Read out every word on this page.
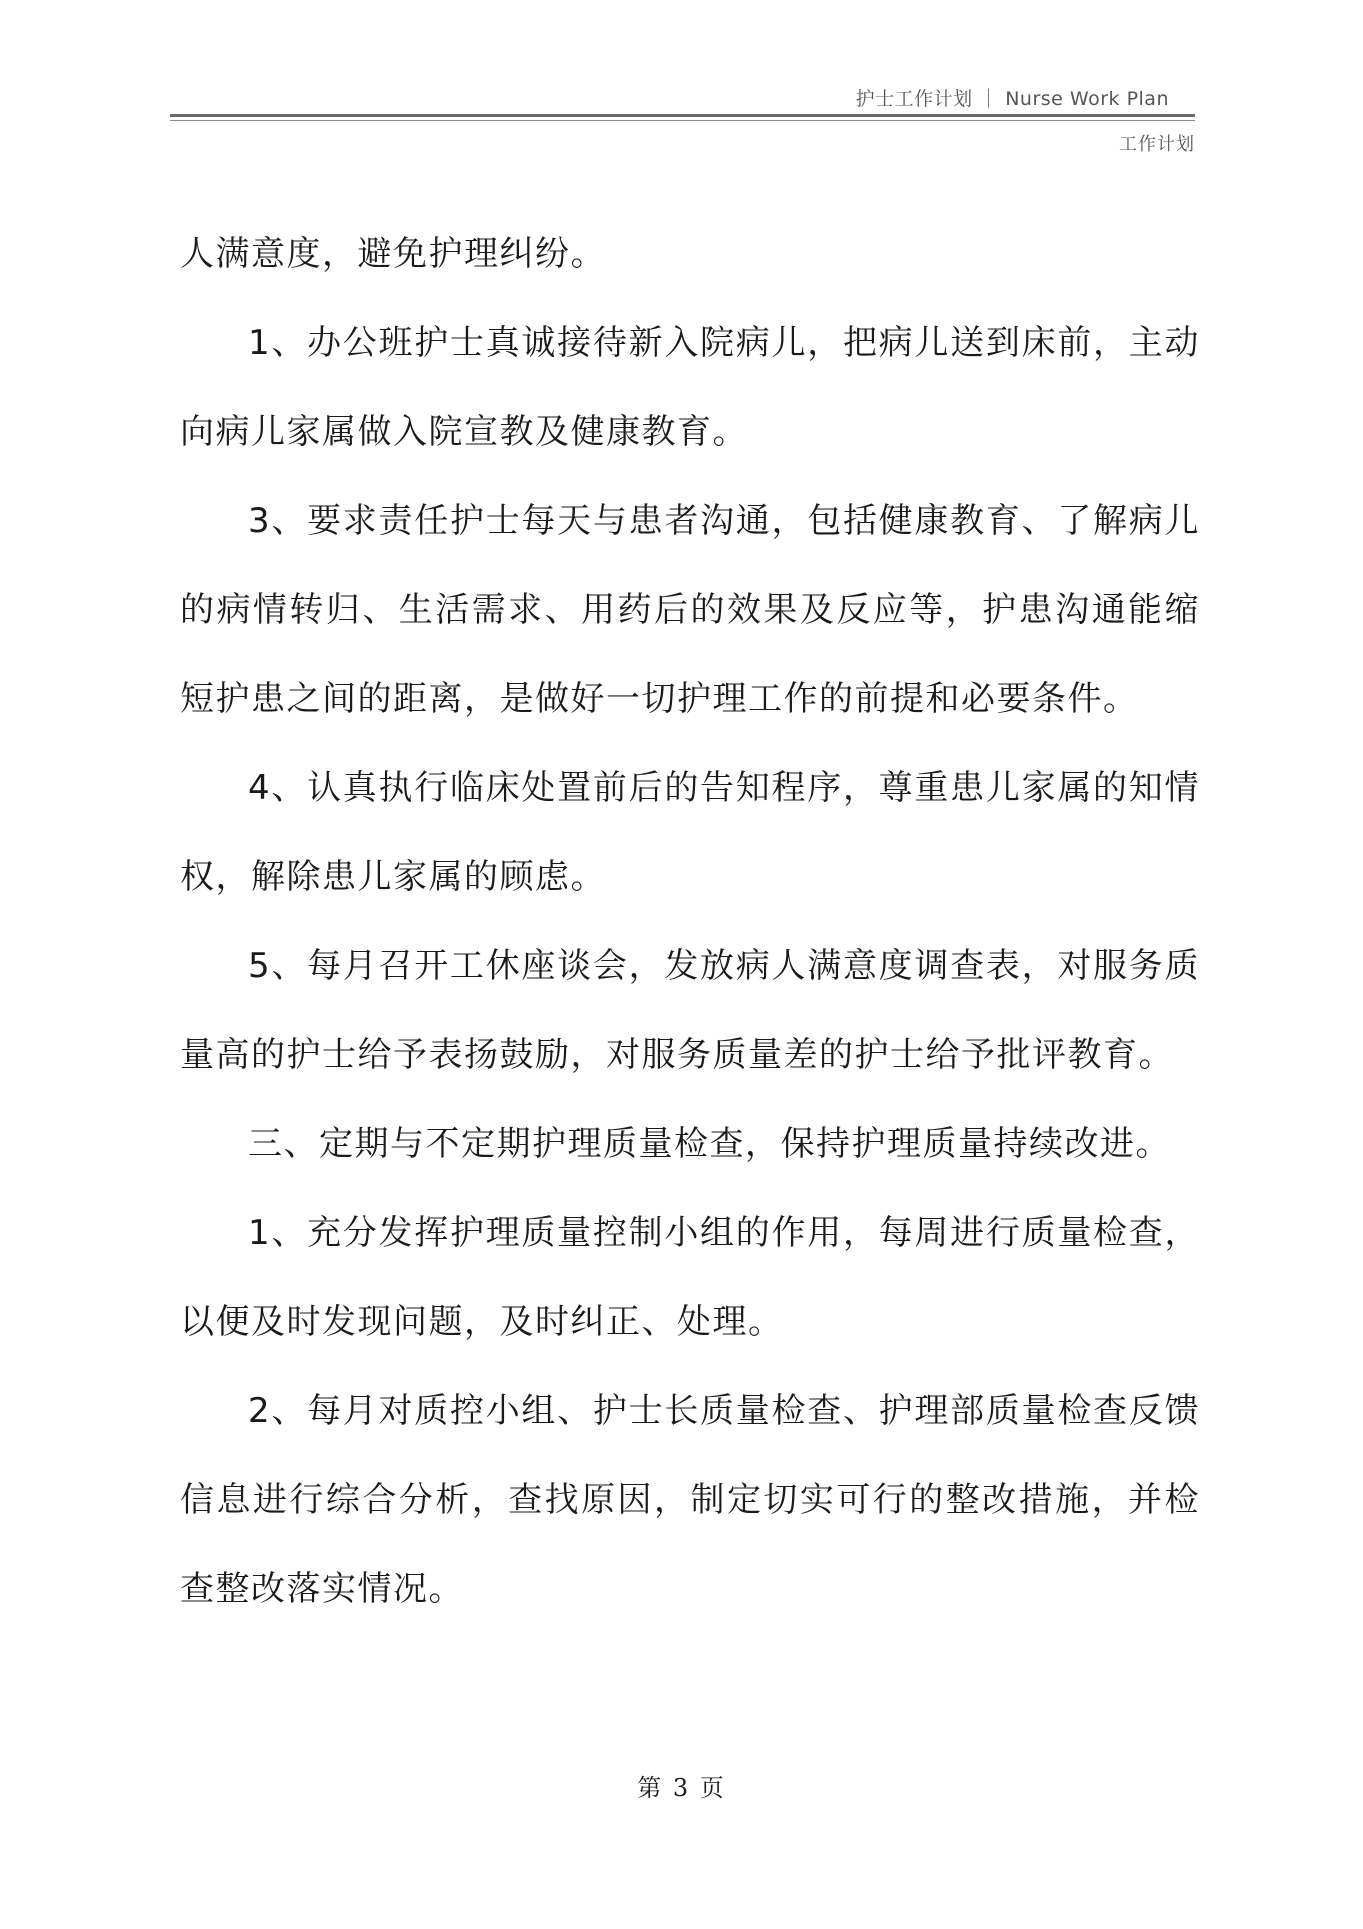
护士工作计划 ｜ Nurse Work Plan
工作计划

人满意度，避免护理纠纷。

1、办公班护士真诚接待新入院病儿，把病儿送到床前，主动向病儿家属做入院宣教及健康教育。

3、要求责任护士每天与患者沟通，包括健康教育、了解病儿的病情转归、生活需求、用药后的效果及反应等，护患沟通能缩短护患之间的距离，是做好一切护理工作的前提和必要条件。

4、认真执行临床处置前后的告知程序，尊重患儿家属的知情权，解除患儿家属的顾虑。

5、每月召开工休座谈会，发放病人满意度调查表，对服务质量高的护士给予表扬鼓励，对服务质量差的护士给予批评教育。

三、定期与不定期护理质量检查，保持护理质量持续改进。

1、充分发挥护理质量控制小组的作用，每周进行质量检查，以便及时发现问题，及时纠正、处理。

2、每月对质控小组、护士长质量检查、护理部质量检查反馈信息进行综合分析，查找原因，制定切实可行的整改措施，并检查整改落实情况。

第 3 页
